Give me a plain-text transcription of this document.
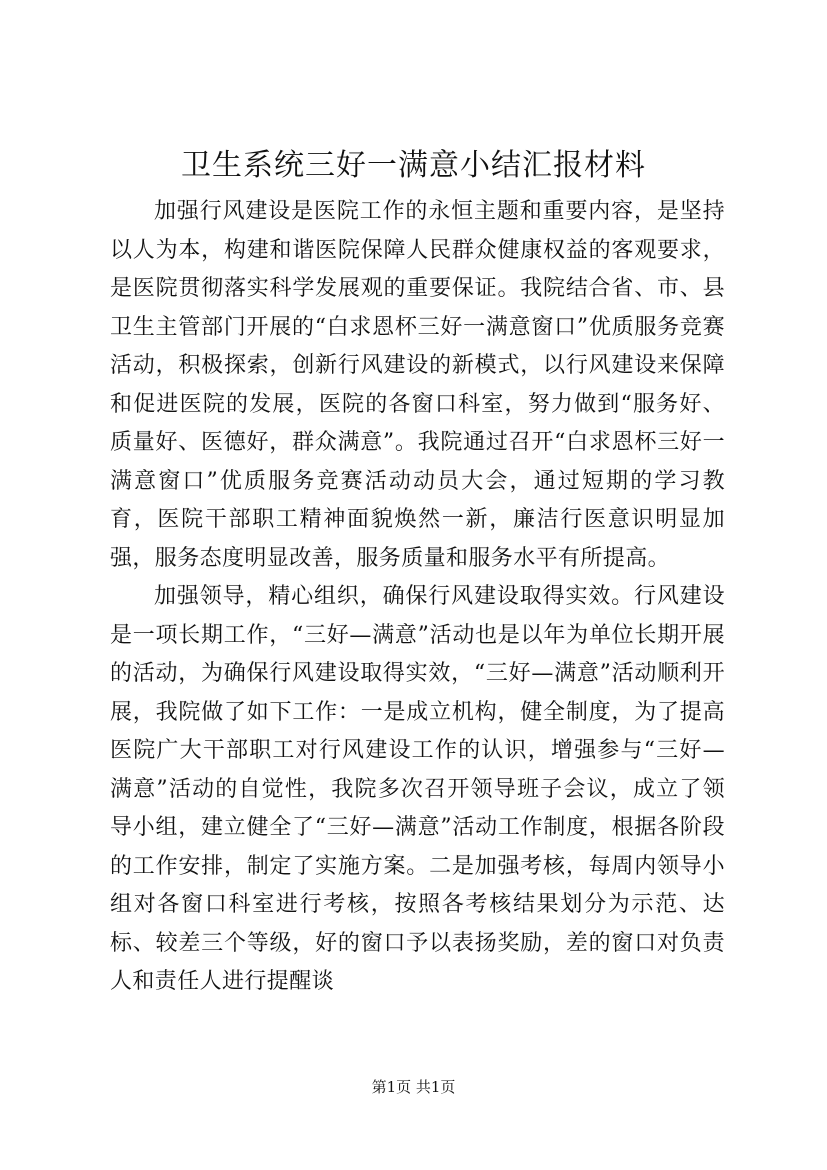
卫生系统三好一满意小结汇报材料

加强行风建设是医院工作的永恒主题和重要内容，是坚持以人为本，构建和谐医院保障人民群众健康权益的客观要求，是医院贯彻落实科学发展观的重要保证。我院结合省、市、县卫生主管部门开展的“白求恩杯三好一满意窗口”优质服务竞赛活动，积极探索，创新行风建设的新模式，以行风建设来保障和促进医院的发展，医院的各窗口科室，努力做到“服务好、质量好、医德好，群众满意”。我院通过召开“白求恩杯三好一满意窗口”优质服务竞赛活动动员大会，通过短期的学习教育，医院干部职工精神面貌焕然一新，廉洁行医意识明显加强，服务态度明显改善，服务质量和服务水平有所提高。

加强领导，精心组织，确保行风建设取得实效。行风建设是一项长期工作，“三好—满意”活动也是以年为单位长期开展的活动，为确保行风建设取得实效，“三好—满意”活动顺利开展，我院做了如下工作：一是成立机构，健全制度，为了提高医院广大干部职工对行风建设工作的认识，增强参与“三好—满意”活动的自觉性，我院多次召开领导班子会议，成立了领导小组，建立健全了“三好—满意”活动工作制度，根据各阶段的工作安排，制定了实施方案。二是加强考核，每周内领导小组对各窗口科室进行考核，按照各考核结果划分为示范、达标、较差三个等级，好的窗口予以表扬奖励，差的窗口对负责人和责任人进行提醒谈

第1页 共1页
